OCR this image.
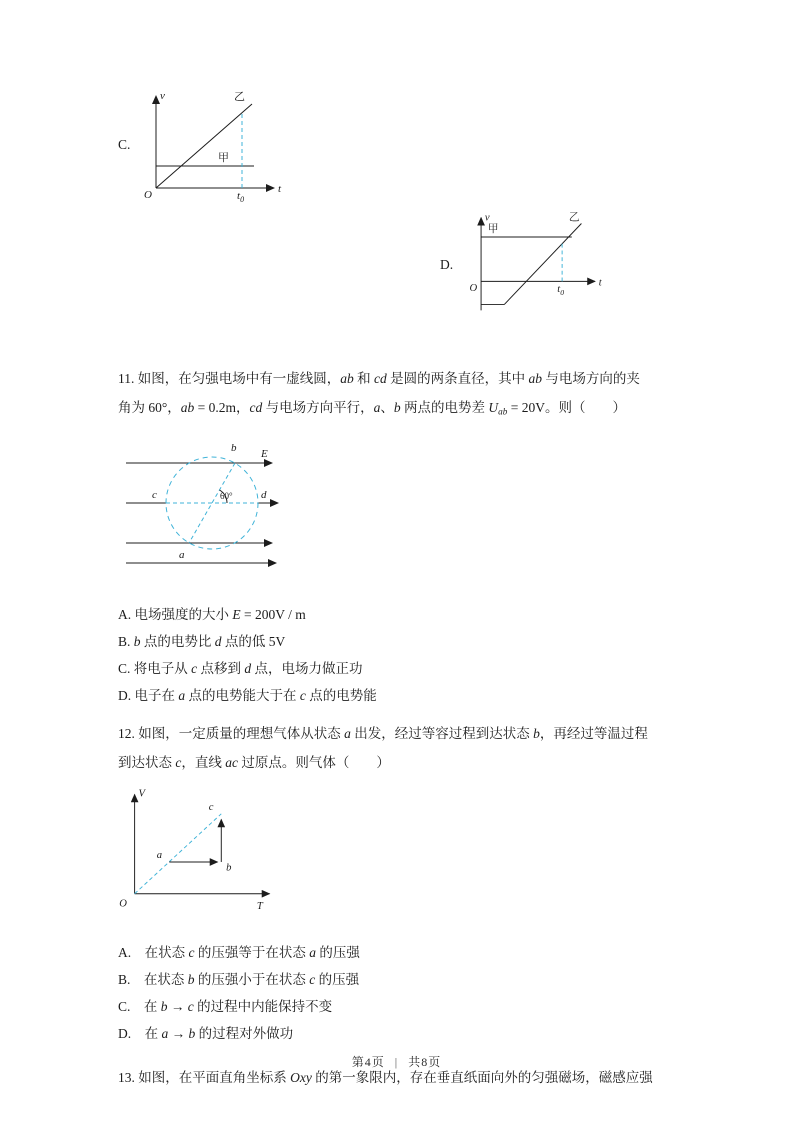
C.
v
t
O
甲
乙
$t_0$
D.
v
t
O
甲
乙
$t_0$
11. 如图，在匀强电场中有一虚线圆，ab 和 cd 是圆的两条直径，其中 ab 与电场方向的夹
角为 60°，ab = 0.2m，cd 与电场方向平行，a、b 两点的电势差 $U_{ab} = 20V$。则（　　）
E
b
c	d
a
60°
A. 电场强度的大小 E = 200V / m
B. b 点的电势比 d 点的低 5V
C. 将电子从 c 点移到 d 点，电场力做正功
D. 电子在 a 点的电势能大于在 c 点的电势能
12. 如图，一定质量的理想气体从状态 a 出发，经过等容过程到达状态 b，再经过等温过程
到达状态 c，直线 ac 过原点。则气体（　　）
V
T
O
a
b
c
A.　在状态 c 的压强等于在状态 a 的压强
B.　在状态 b 的压强小于在状态 c 的压强
C.　在 b → c 的过程中内能保持不变
D.　在 a → b 的过程对外做功
13. 如图，在平面直角坐标系 Oxy 的第一象限内，存在垂直纸面向外的匀强磁场，磁感应强
第4页 | 共8页
